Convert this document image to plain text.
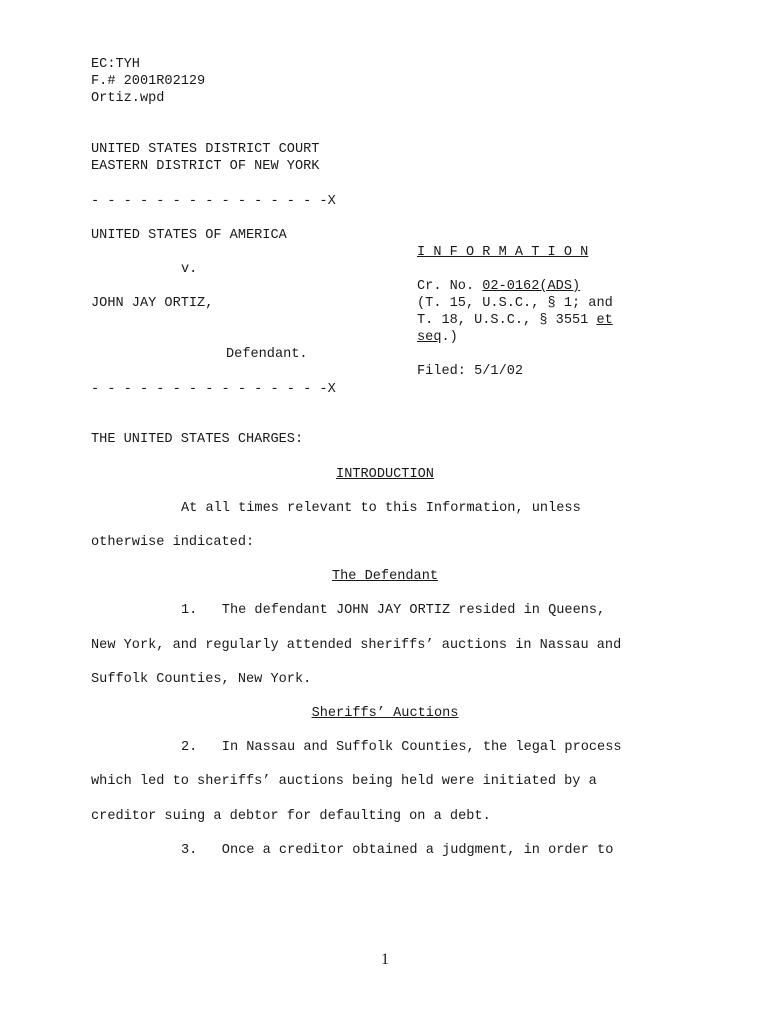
EC:TYH
F.# 2001R02129
Ortiz.wpd
UNITED STATES DISTRICT COURT
EASTERN DISTRICT OF NEW YORK
- - - - - - - - - - - - - - -X
UNITED STATES OF AMERICA
I N F O R M A T I O N
v.
Cr. No. 02-0162(ADS)
JOHN JAY ORTIZ,	(T. 15, U.S.C., § 1; and
T. 18, U.S.C., § 3551 et
seq.)
Defendant.
Filed: 5/1/02
- - - - - - - - - - - - - - -X
THE UNITED STATES CHARGES:
INTRODUCTION
At all times relevant to this Information, unless
otherwise indicated:
The Defendant
1.   The defendant JOHN JAY ORTIZ resided in Queens,
New York, and regularly attended sheriffs’ auctions in Nassau and
Suffolk Counties, New York.
Sheriffs’ Auctions
2.   In Nassau and Suffolk Counties, the legal process
which led to sheriffs’ auctions being held were initiated by a
creditor suing a debtor for defaulting on a debt.
3.   Once a creditor obtained a judgment, in order to
1
